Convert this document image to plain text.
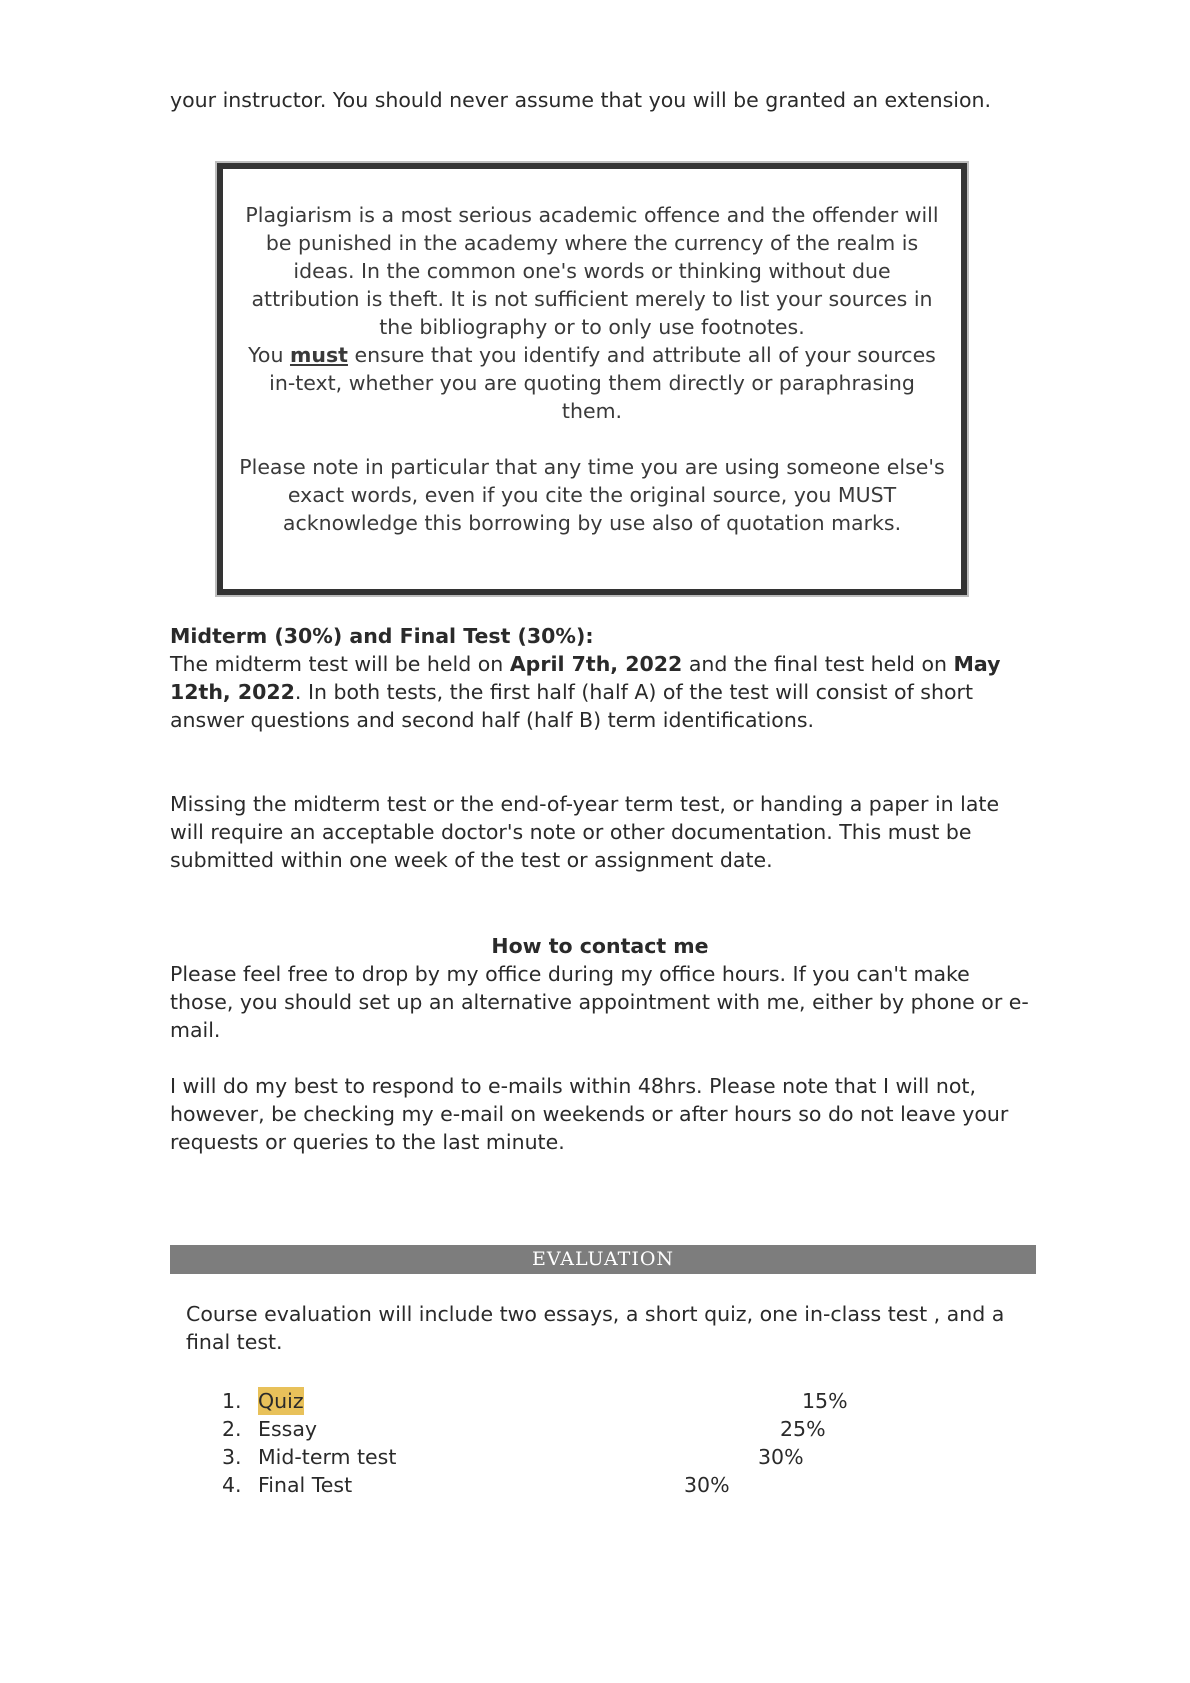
your instructor. You should never assume that you will be granted an extension.

Plagiarism is a most serious academic offence and the offender will be punished in the academy where the currency of the realm is ideas. In the common one's words or thinking without due attribution is theft. It is not sufficient merely to list your sources in the bibliography or to only use footnotes.

You must ensure that you identify and attribute all of your sources in-text, whether you are quoting them directly or paraphrasing them.

Please note in particular that any time you are using someone else's exact words, even if you cite the original source, you MUST acknowledge this borrowing by use also of quotation marks.

Midterm (30%) and Final Test (30%):

The midterm test will be held on April 7th, 2022 and the final test held on May 12th, 2022. In both tests, the first half (half A) of the test will consist of short answer questions and second half (half B) term identifications.

Missing the midterm test or the end-of-year term test, or handing a paper in late will require an acceptable doctor's note or other documentation. This must be submitted within one week of the test or assignment date.

How to contact me

Please feel free to drop by my office during my office hours. If you can't make those, you should set up an alternative appointment with me, either by phone or e-mail.

I will do my best to respond to e-mails within 48hrs. Please note that I will not, however, be checking my e-mail on weekends or after hours so do not leave your requests or queries to the last minute.

EVALUATION

Course evaluation will include two essays, a short quiz, one in-class test , and a final test.

1. Quiz	15%
2. Essay	25%
3. Mid-term test	30%
4. Final Test	30%
